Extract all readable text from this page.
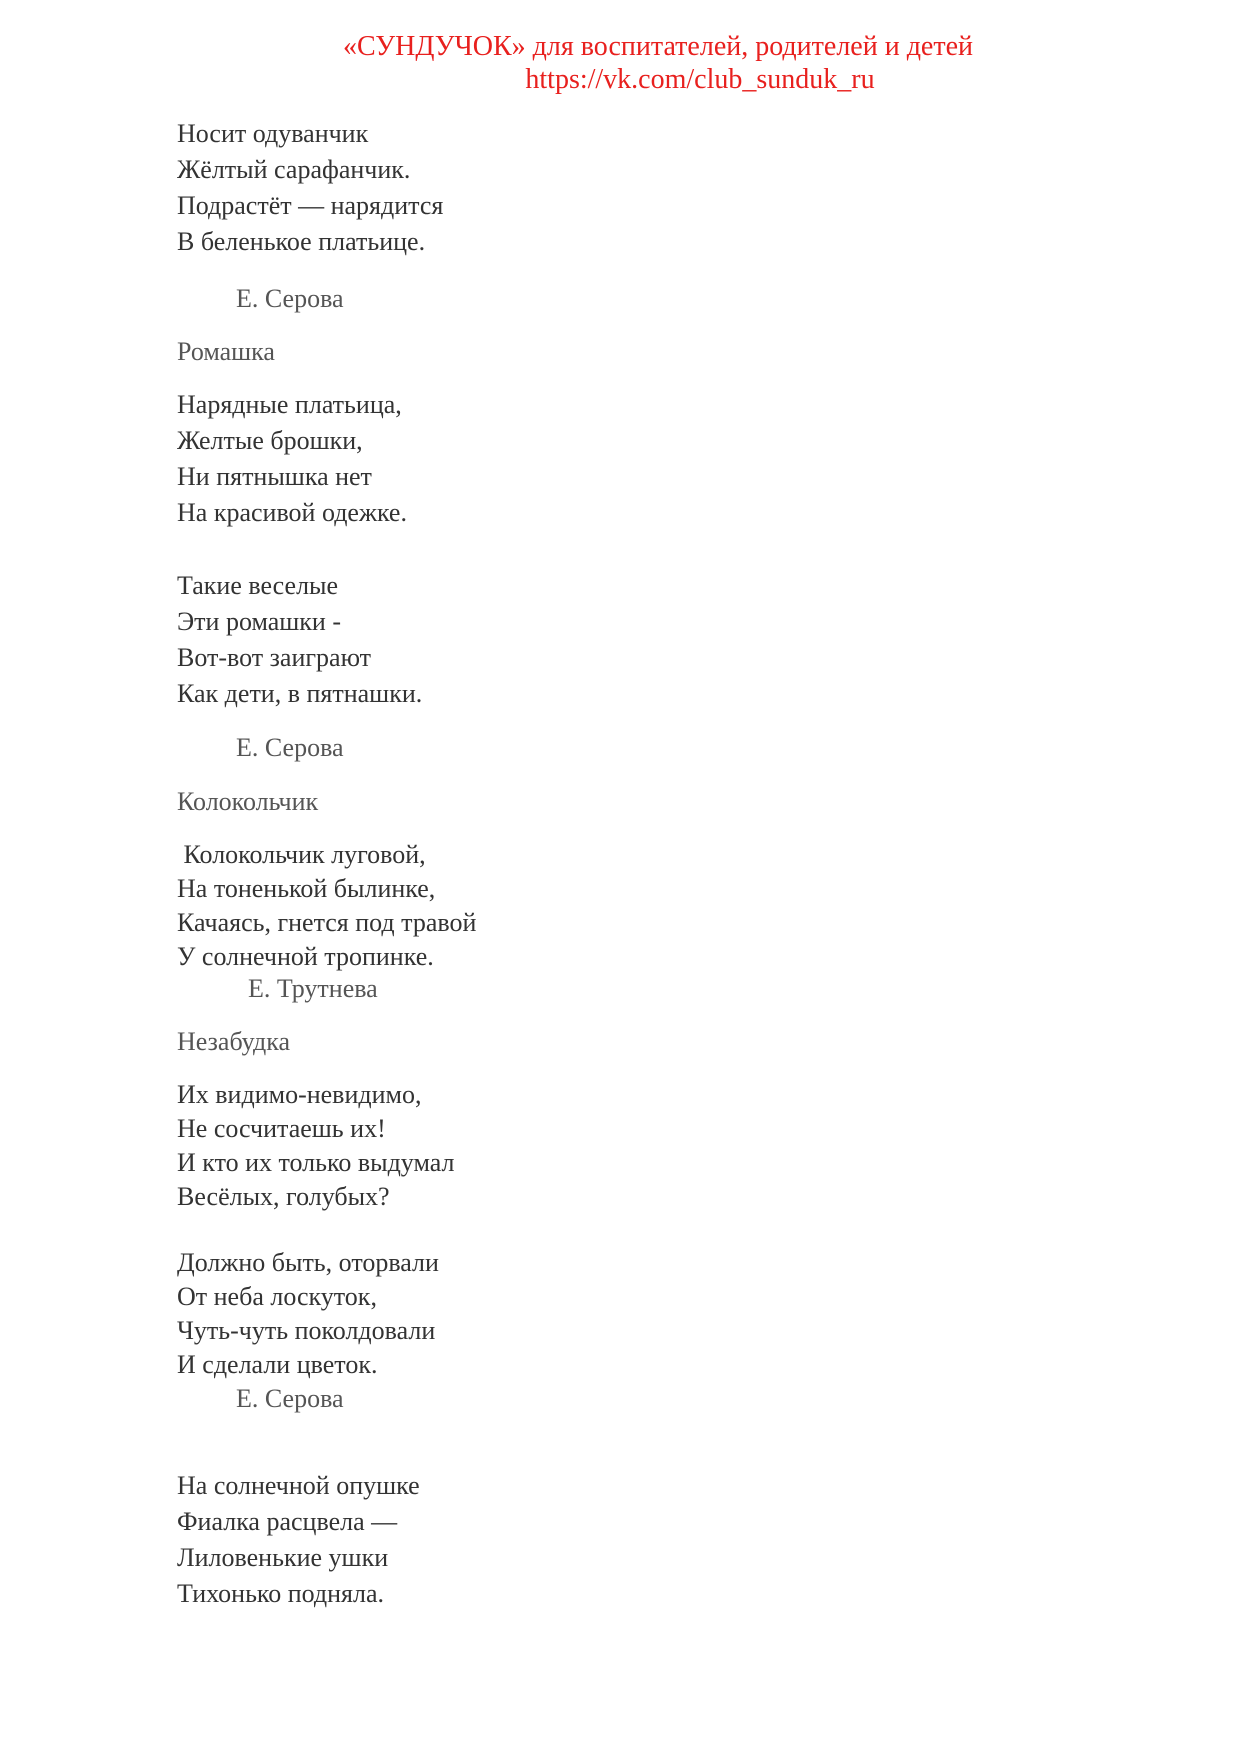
«СУНДУЧОК» для воспитателей, родителей и детей
https://vk.com/club_sunduk_ru
Носит одуванчик
Жёлтый сарафанчик.
Подрастёт — нарядится
В беленькое платьице.
Е. Серова
Ромашка
Нарядные платьица,
Желтые брошки,
Ни пятнышка нет
На красивой одежке.
Такие веселые
Эти ромашки -
Вот-вот заиграют
Как дети, в пятнашки.
Е. Серова
Колокольчик
Колокольчик луговой,
На тоненькой былинке,
Качаясь, гнется под травой
У солнечной тропинке.
Е. Трутнева
Незабудка
Их видимо-невидимо,
Не сосчитаешь их!
И кто их только выдумал
Весёлых, голубых?
Должно быть, оторвали
От неба лоскуток,
Чуть-чуть поколдовали
И сделали цветок.
Е. Серова
На солнечной опушке
Фиалка расцвела —
Лиловенькие ушки
Тихонько подняла.
